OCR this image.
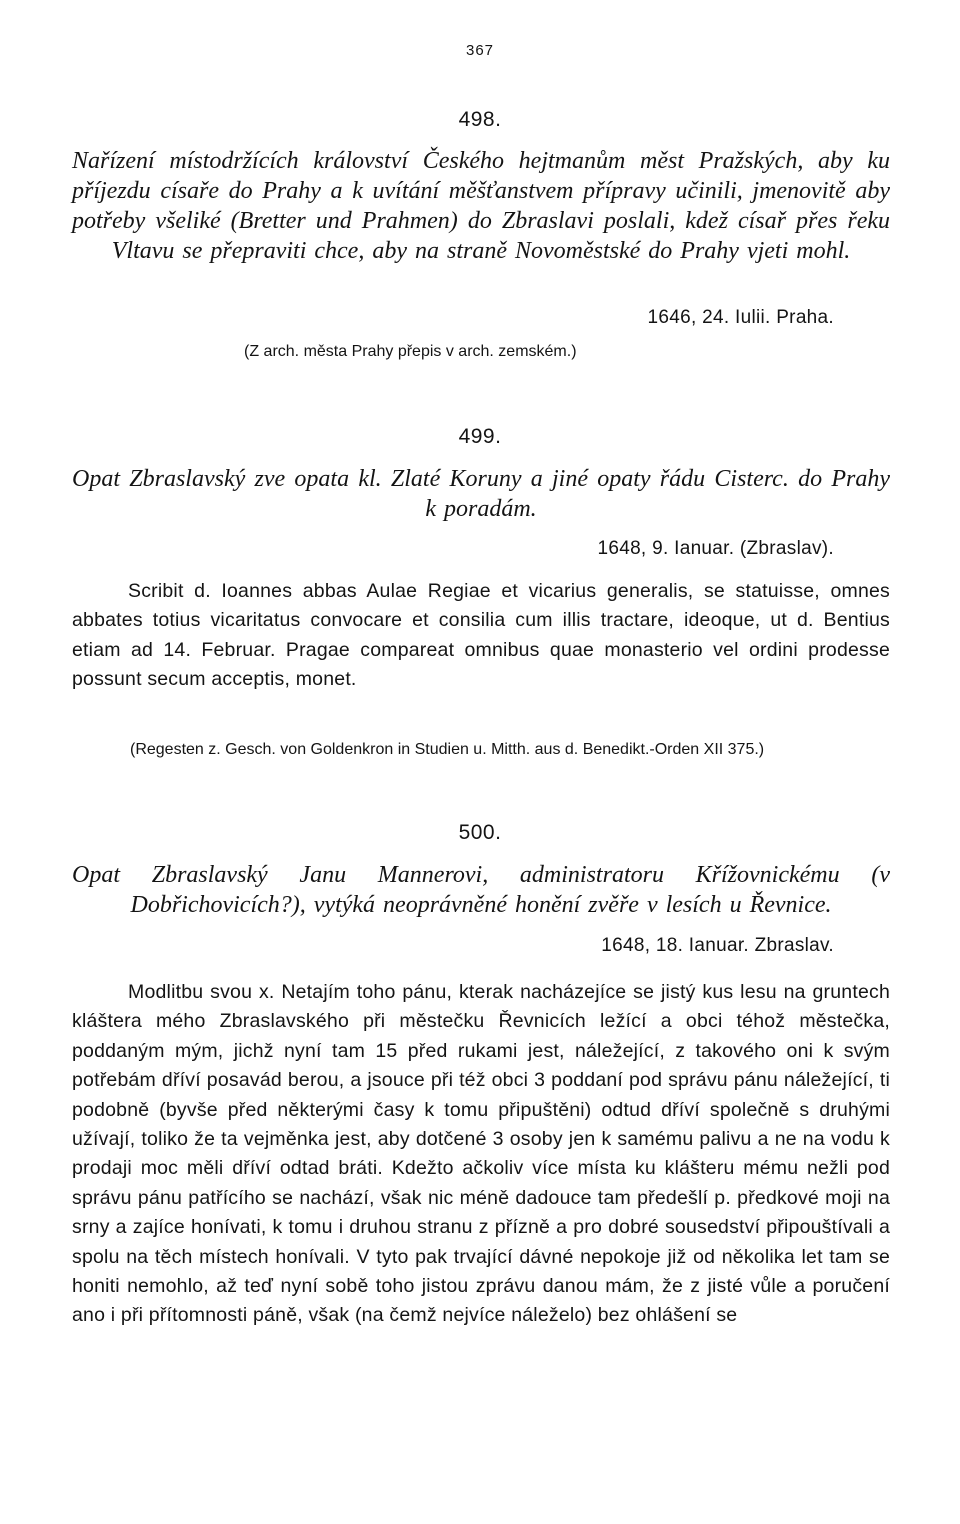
367
498.
Nařízení místodržících království Českého hejtmanům měst Pražských, aby ku příjezdu císaře do Prahy a k uvítání měšťanstvem přípravy učinili, jmenovitě aby potřeby všeliké (Bretter und Prahmen) do Zbraslavi poslali, kdež císař přes řeku Vltavu se přepraviti chce, aby na straně Novoměstské do Prahy vjeti mohl.
1646, 24. Iulii. Praha.
(Z arch. města Prahy přepis v arch. zemském.)
499.
Opat Zbraslavský zve opata kl. Zlaté Koruny a jiné opaty řádu Cisterc. do Prahy k poradám.
1648, 9. Ianuar. (Zbraslav).
Scribit d. Ioannes abbas Aulae Regiae et vicarius generalis, se statuisse, omnes abbates totius vicaritatus convocare et consilia cum illis tractare, ideoque, ut d. Bentius etiam ad 14. Februar. Pragae compareat omnibus quae monasterio vel ordini prodesse possunt secum acceptis, monet.
(Regesten z. Gesch. von Goldenkron in Studien u. Mitth. aus d. Benedikt.-Orden XII 375.)
500.
Opat Zbraslavský Janu Mannerovi, administratoru Křížovnickému (v Dobřichovicích?), vytýká neoprávněné honění zvěře v lesích u Řevnice.
1648, 18. Ianuar. Zbraslav.
Modlitbu svou x. Netajím toho pánu, kterak nacházejíce se jistý kus lesu na gruntech kláštera mého Zbraslavského při městečku Řevnicích ležící a obci téhož městečka, poddaným mým, jichž nyní tam 15 před rukami jest, náležející, z takového oni k svým potřebám dříví posavád berou, a jsouce při též obci 3 poddaní pod správu pánu náležející, ti podobně (byvše před některými časy k tomu připuštěni) odtud dříví společně s druhými užívají, toliko že ta vejměnka jest, aby dotčené 3 osoby jen k samému palivu a ne na vodu k prodaji moc měli dříví odtad bráti. Kdežto ačkoliv více místa ku klášteru mému nežli pod správu pánu patřícího se nachází, však nic méně dadouce tam předešlí p. předkové moji na srny a zajíce honívati, k tomu i druhou stranu z přízně a pro dobré sousedství připouštívali a spolu na těch místech honívali. V tyto pak trvající dávné nepokoje již od několika let tam se honiti nemohlo, až teď nyní sobě toho jistou zprávu danou mám, že z jisté vůle a poručení ano i při přítomnosti páně, však (na čemž nejvíce náleželo) bez ohlášení se
